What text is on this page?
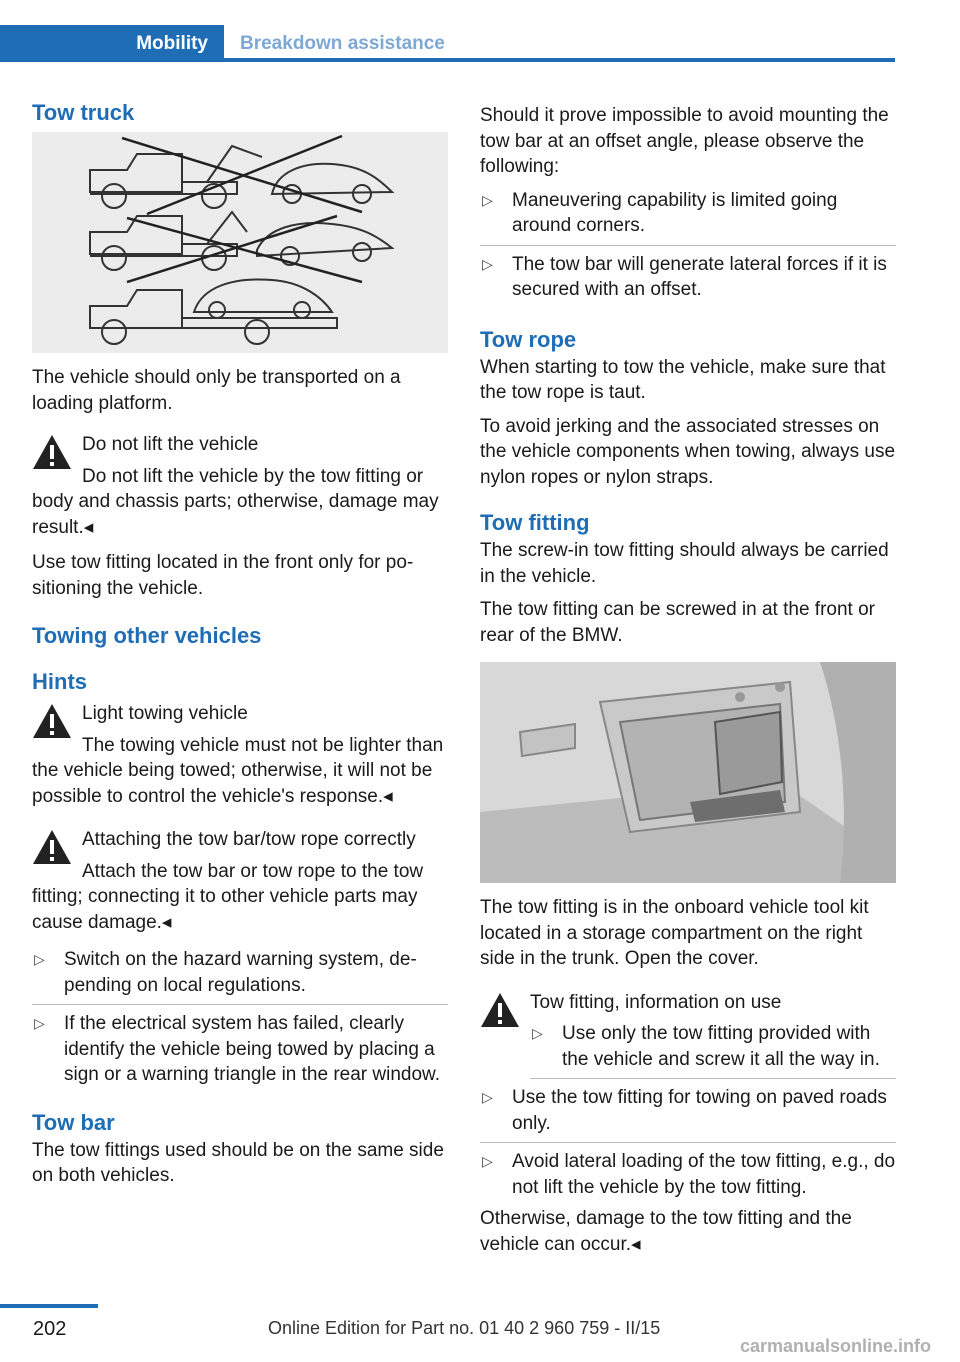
Mobility	Breakdown assistance
Tow truck

The vehicle should only be transported on a loading platform.

Do not lift the vehicle
Do not lift the vehicle by the tow fitting or body and chassis parts; otherwise, damage may result.◂

Use tow fitting located in the front only for positioning the vehicle.

Towing other vehicles
Hints
Light towing vehicle
The towing vehicle must not be lighter than the vehicle being towed; otherwise, it will not be possible to control the vehicle's response.◂
Attaching the tow bar/tow rope correctly
Attach the tow bar or tow rope to the tow fitting; connecting it to other vehicle parts may cause damage.◂
▷ Switch on the hazard warning system, depending on local regulations.
▷ If the electrical system has failed, clearly identify the vehicle being towed by placing a sign or a warning triangle in the rear window.
Tow bar

The tow fittings used should be on the same side on both vehicles.

Should it prove impossible to avoid mounting the tow bar at an offset angle, please observe the following:

▷ Maneuvering capability is limited going around corners.
▷ The tow bar will generate lateral forces if it is secured with an offset.
Tow rope

When starting to tow the vehicle, make sure that the tow rope is taut.

To avoid jerking and the associated stresses on the vehicle components when towing, always use nylon ropes or nylon straps.

Tow fitting

The screw-in tow fitting should always be carried in the vehicle.

The tow fitting can be screwed in at the front or rear of the BMW.

The tow fitting is in the onboard vehicle tool kit located in a storage compartment on the right side in the trunk. Open the cover.

Tow fitting, information on use
▷ Use only the tow fitting provided with the vehicle and screw it all the way in.
▷ Use the tow fitting for towing on paved roads only.
▷ Avoid lateral loading of the tow fitting, e.g., do not lift the vehicle by the tow fitting.

Otherwise, damage to the tow fitting and the vehicle can occur.◂

202	Online Edition for Part no. 01 40 2 960 759 - II/15
carmanualsonline.info
